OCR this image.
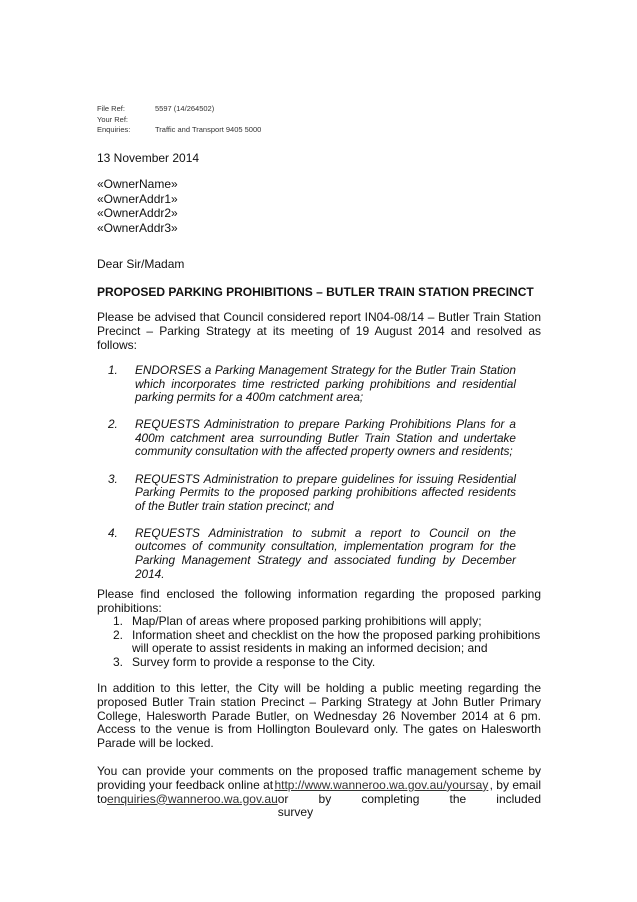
File Ref:	5597 (14/264502)
Your Ref:
Enquiries:	Traffic and Transport 9405 5000
13 November 2014
«OwnerName»
«OwnerAddr1»
«OwnerAddr2»
«OwnerAddr3»
Dear Sir/Madam
PROPOSED PARKING PROHIBITIONS – BUTLER TRAIN STATION PRECINCT
Please be advised that Council considered report IN04-08/14 – Butler Train Station Precinct – Parking Strategy at its meeting of 19 August 2014 and resolved as follows:
1.	ENDORSES a Parking Management Strategy for the Butler Train Station which incorporates time restricted parking prohibitions and residential parking permits for a 400m catchment area;
2.	REQUESTS Administration to prepare Parking Prohibitions Plans for a 400m catchment area surrounding Butler Train Station and undertake community consultation with the affected property owners and residents;
3.	REQUESTS Administration to prepare guidelines for issuing Residential Parking Permits to the proposed parking prohibitions affected residents of the Butler train station precinct; and
4.	REQUESTS Administration to submit a report to Council on the outcomes of community consultation, implementation program for the Parking Management Strategy and associated funding by December 2014.
Please find enclosed the following information regarding the proposed parking prohibitions:
1. Map/Plan of areas where proposed parking prohibitions will apply;
2. Information sheet and checklist on the how the proposed parking prohibitions will operate to assist residents in making an informed decision; and
3. Survey form to provide a response to the City.
In addition to this letter, the City will be holding a public meeting regarding the proposed Butler Train station Precinct – Parking Strategy at John Butler Primary College, Halesworth Parade Butler, on Wednesday 26 November 2014 at 6 pm. Access to the venue is from Hollington Boulevard only. The gates on Halesworth Parade will be locked.
You can provide your comments on the proposed traffic management scheme by
providing your feedback online at http://www.wanneroo.wa.gov.au/yoursay , by email
to enquiries@wanneroo.wa.gov.au or by completing the included survey
